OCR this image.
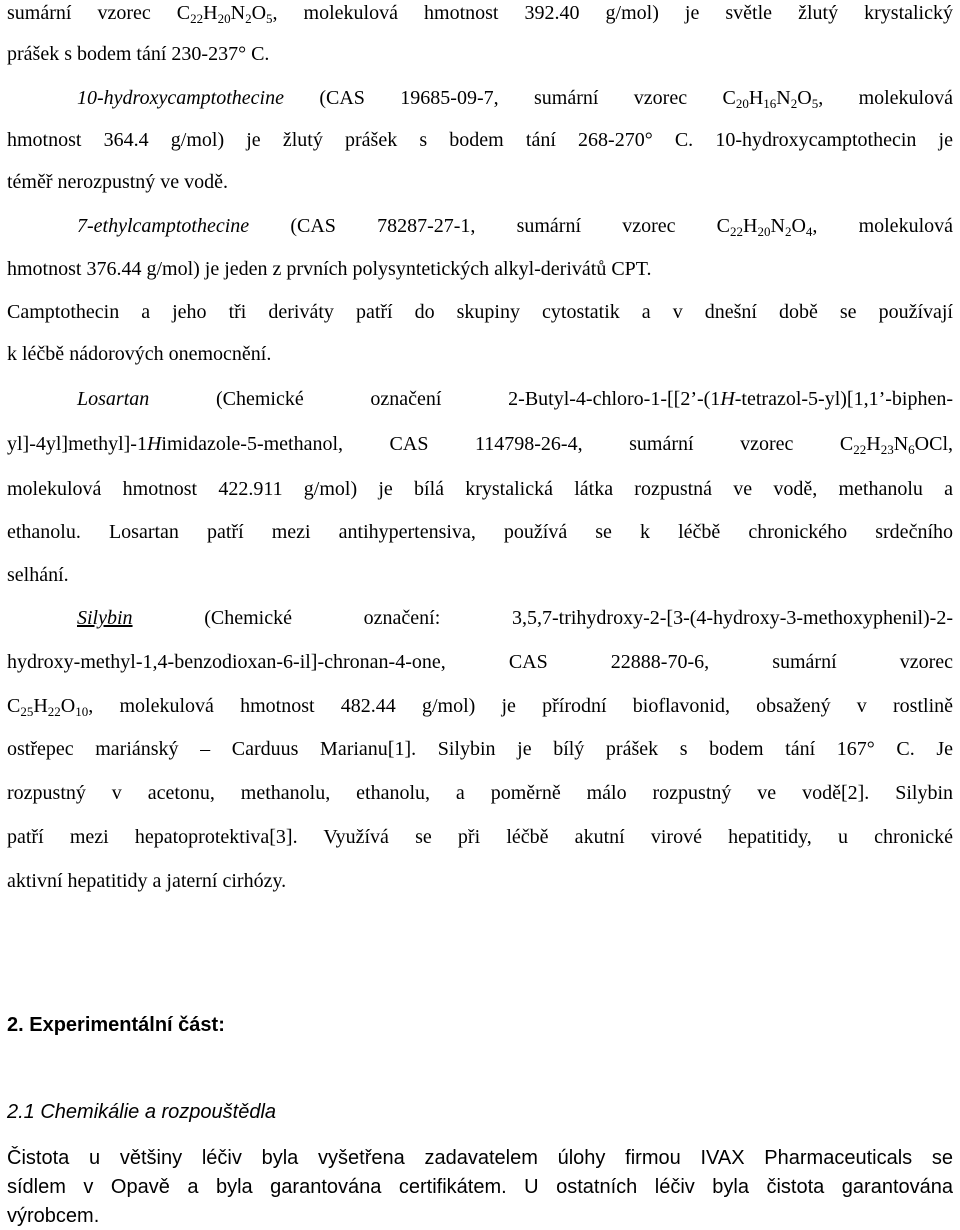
sumární vzorec $C_{22}H_{20}N_2O_5$, molekulová hmotnost 392.40 g/mol) je světle žlutý krystalický
prášek s bodem tání 230-237° C.
10-hydroxycamptothecine (CAS 19685-09-7, sumární vzorec $C_{20}H_{16}N_2O_5$, molekulová
hmotnost 364.4 g/mol) je žlutý prášek s bodem tání 268-270° C. 10-hydroxycamptothecin je
téměř nerozpustný ve vodě.
7-ethylcamptothecine (CAS 78287-27-1, sumární vzorec $C_{22}H_{20}N_2O_4$, molekulová
hmotnost 376.44 g/mol) je jeden z prvních polysyntetických alkyl-derivátů CPT.
Camptothecin a jeho tři deriváty patří do skupiny cytostatik a v dnešní době se používají
k léčbě nádorových onemocnění.
Losartan (Chemické označení 2-Butyl-4-chloro-1-[[2’-(1H-tetrazol-5-yl)[1,1’-biphen-
yl]-4yl]methyl]-1Himidazole-5-methanol, CAS 114798-26-4, sumární vzorec $C_{22}H_{23}N_6OCl$,
molekulová hmotnost 422.911 g/mol) je bílá krystalická látka rozpustná ve vodě, methanolu a
ethanolu. Losartan patří mezi antihypertensiva, používá se k léčbě chronického srdečního
selhání.
Silybin (Chemické označení: 3,5,7-trihydroxy-2-[3-(4-hydroxy-3-methoxyphenil)-2-
hydroxy-methyl-1,4-benzodioxan-6-il]-chronan-4-one, CAS 22888-70-6, sumární vzorec
$C_{25}H_{22}O_{10}$, molekulová hmotnost 482.44 g/mol) je přírodní bioflavonid, obsažený v rostlině
ostřepec mariánský – Carduus Marianu[1]. Silybin je bílý prášek s bodem tání 167° C. Je
rozpustný v acetonu, methanolu, ethanolu, a poměrně málo rozpustný ve vodě[2]. Silybin
patří mezi hepatoprotektiva[3]. Využívá se při léčbě akutní virové hepatitidy, u chronické
aktivní hepatitidy a jaterní cirhózy.
2. Experimentální část:
2.1 Chemikálie a rozpouštědla
Čistota u většiny léčiv byla vyšetřena zadavatelem úlohy firmou IVAX Pharmaceuticals se
sídlem v Opavě a byla garantována certifikátem. U ostatních léčiv byla čistota garantována
výrobcem.
